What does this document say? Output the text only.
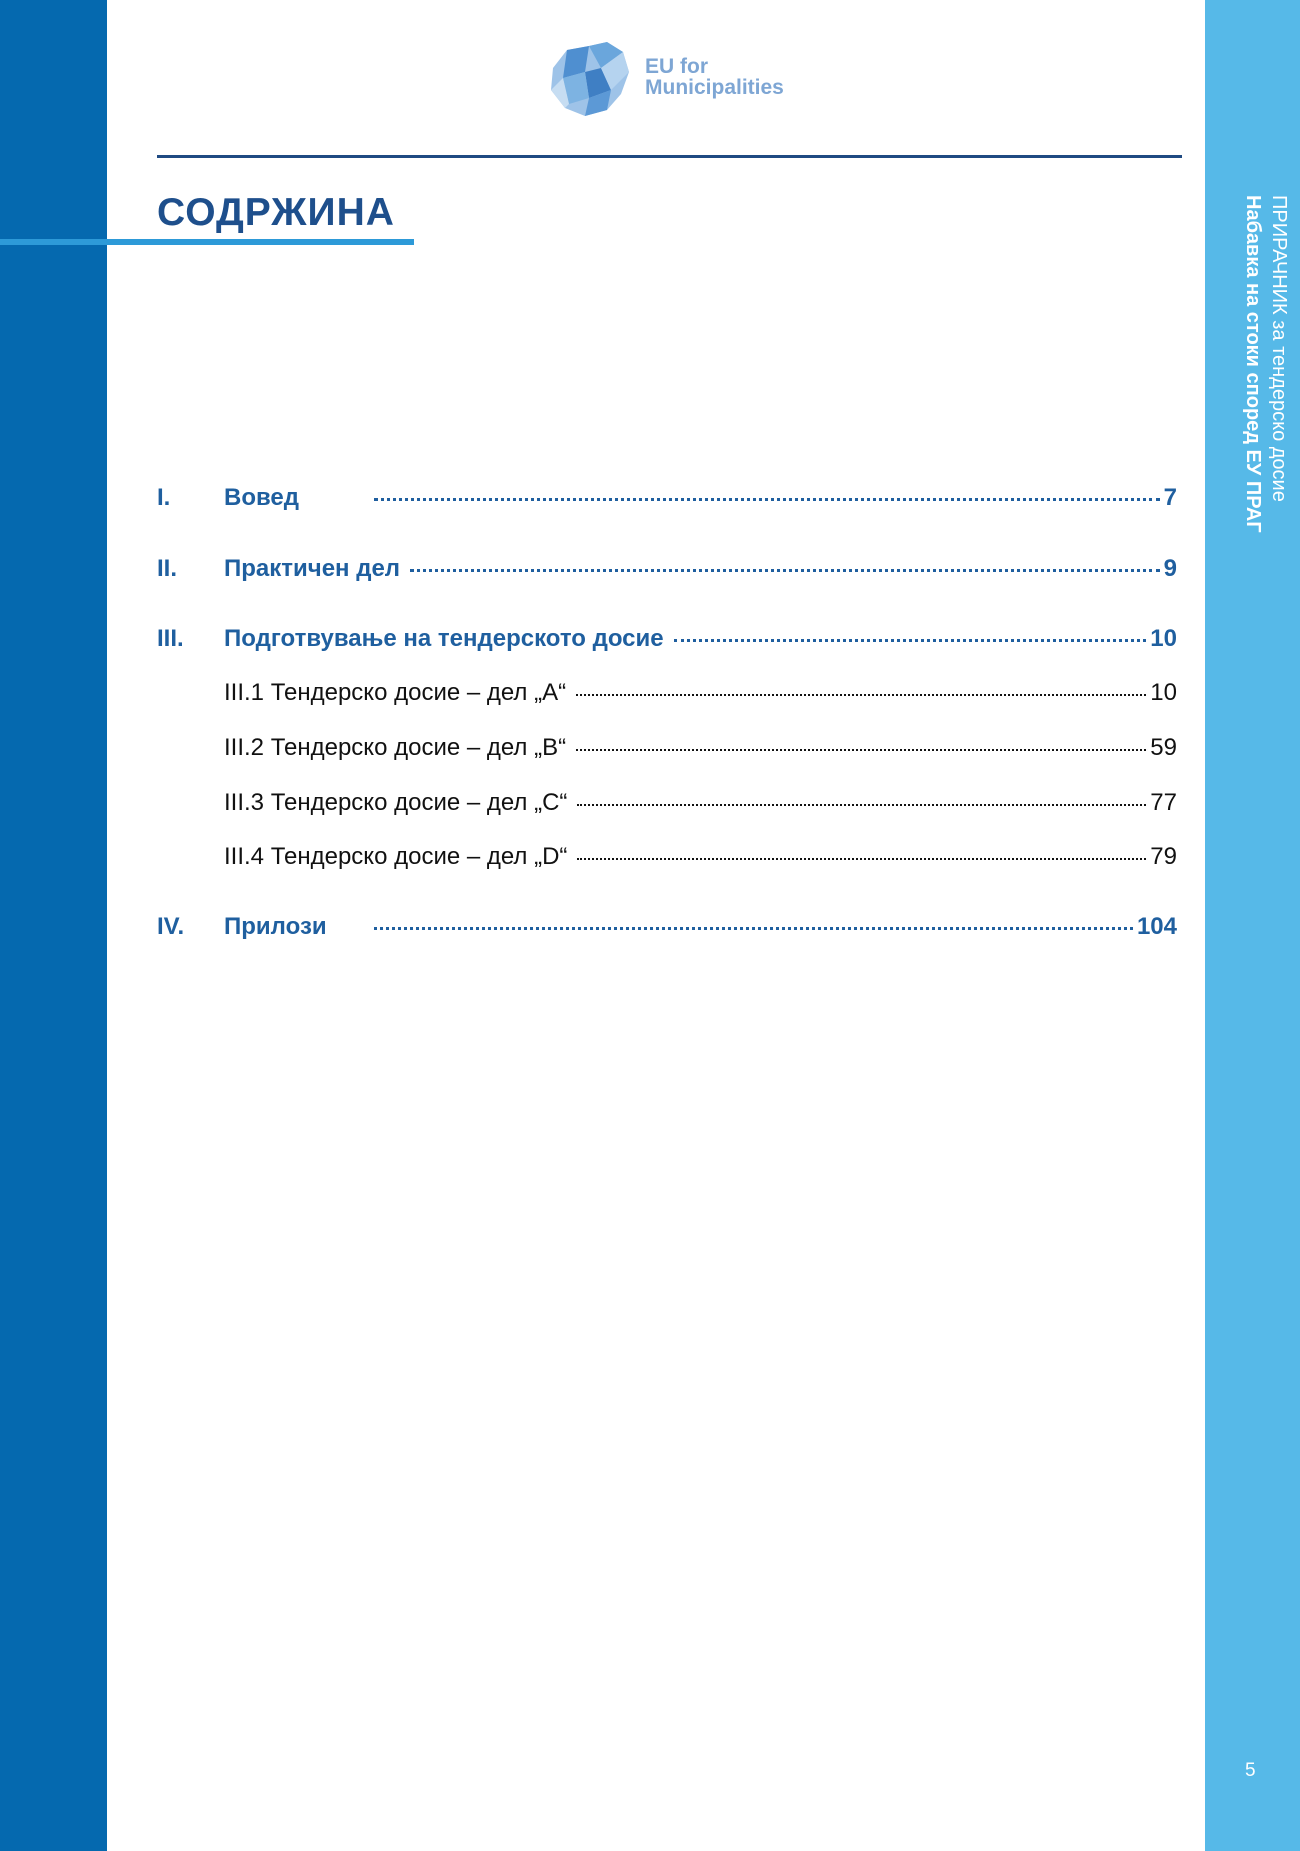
EU for
Municipalities
СОДРЖИНА
I.	Вовед	7
II.	Практичен дел	9
III.	Подготвување на тендерското досие	10
III.1 Тендерско досие – дел „А“	10
III.2 Тендерско досие – дел „В“	59
III.3 Тендерско досие – дел „C“	77
III.4 Тендерско досие – дел „D“	79
IV.	Прилози	104
ПРИРАЧНИК за тендерско досие
Набавка на стоки според ЕУ ПРАГ
5
